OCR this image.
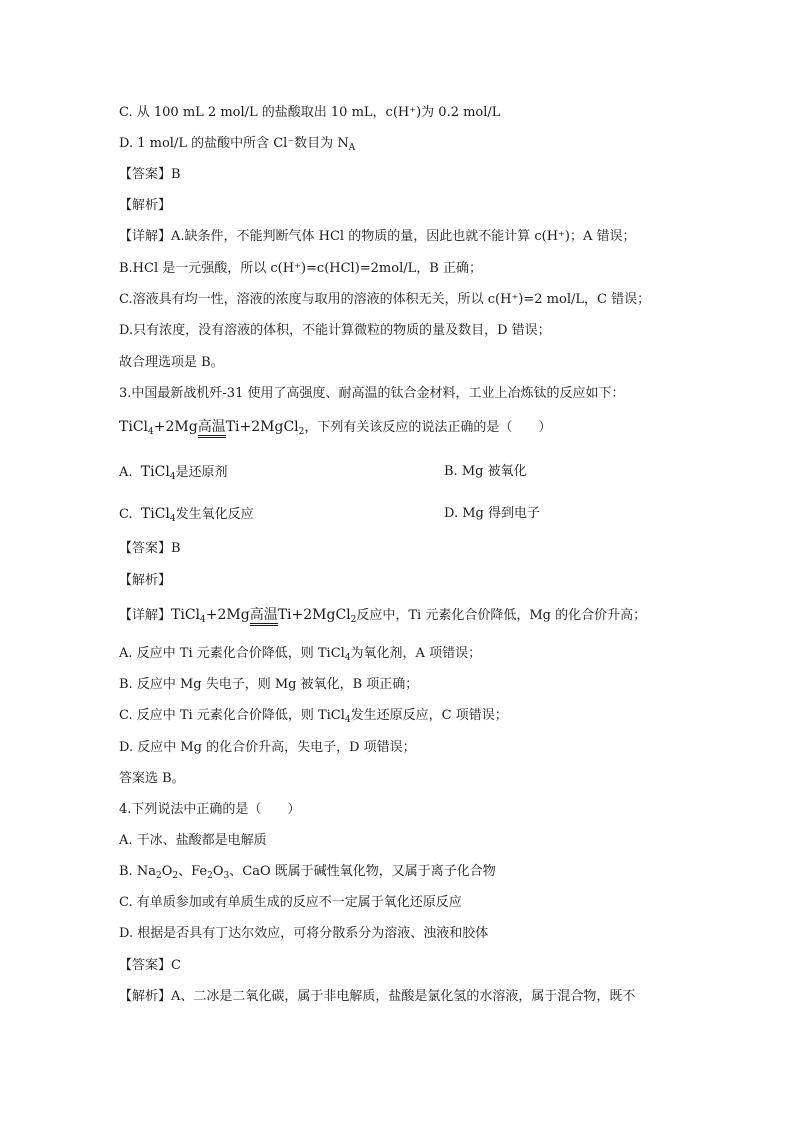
C. 从 100 mL 2 mol/L 的盐酸取出 10 mL，c(H⁺)为 0.2 mol/L
D. 1 mol/L 的盐酸中所含 Cl⁻数目为 $N_A$
【答案】B
【解析】
【详解】A.缺条件，不能判断气体 HCl 的物质的量，因此也就不能计算 c(H⁺)；A 错误；
B.HCl 是一元强酸，所以 c(H⁺)=c(HCl)=2mol/L，B 正确；
C.溶液具有均一性，溶液的浓度与取用的溶液的体积无关，所以 c(H⁺)=2 mol/L，C 错误；
D.只有浓度，没有溶液的体积，不能计算微粒的物质的量及数目，D 错误；
故合理选项是 B。
3.中国最新战机歼-31 使用了高强度、耐高温的钛合金材料，工业上冶炼钛的反应如下：
TiCl$_4$+2Mg高温Ti+2MgCl$_2$，下列有关该反应的说法正确的是（　　）
A. TiCl$_4$是还原剂	B. Mg 被氧化
C. TiCl$_4$发生氧化反应	D. Mg 得到电子
【答案】B
【解析】
【详解】TiCl$_4$+2Mg高温Ti+2MgCl$_2$反应中，Ti 元素化合价降低，Mg 的化合价升高；
A. 反应中 Ti 元素化合价降低，则 TiCl$_4$为氧化剂，A 项错误；
B. 反应中 Mg 失电子，则 Mg 被氧化，B 项正确；
C. 反应中 Ti 元素化合价降低，则 TiCl$_4$发生还原反应，C 项错误；
D. 反应中 Mg 的化合价升高，失电子，D 项错误；
答案选 B。
4.下列说法中正确的是（　　）
A. 干冰、盐酸都是电解质
B. $Na_2O_2$、$Fe_2O_3$、CaO 既属于碱性氧化物，又属于离子化合物
C. 有单质参加或有单质生成的反应不一定属于氧化还原反应
D. 根据是否具有丁达尔效应，可将分散系分为溶液、浊液和胶体
【答案】C
【解析】A、二冰是二氧化碳，属于非电解质，盐酸是氯化氢的水溶液，属于混合物，既不
